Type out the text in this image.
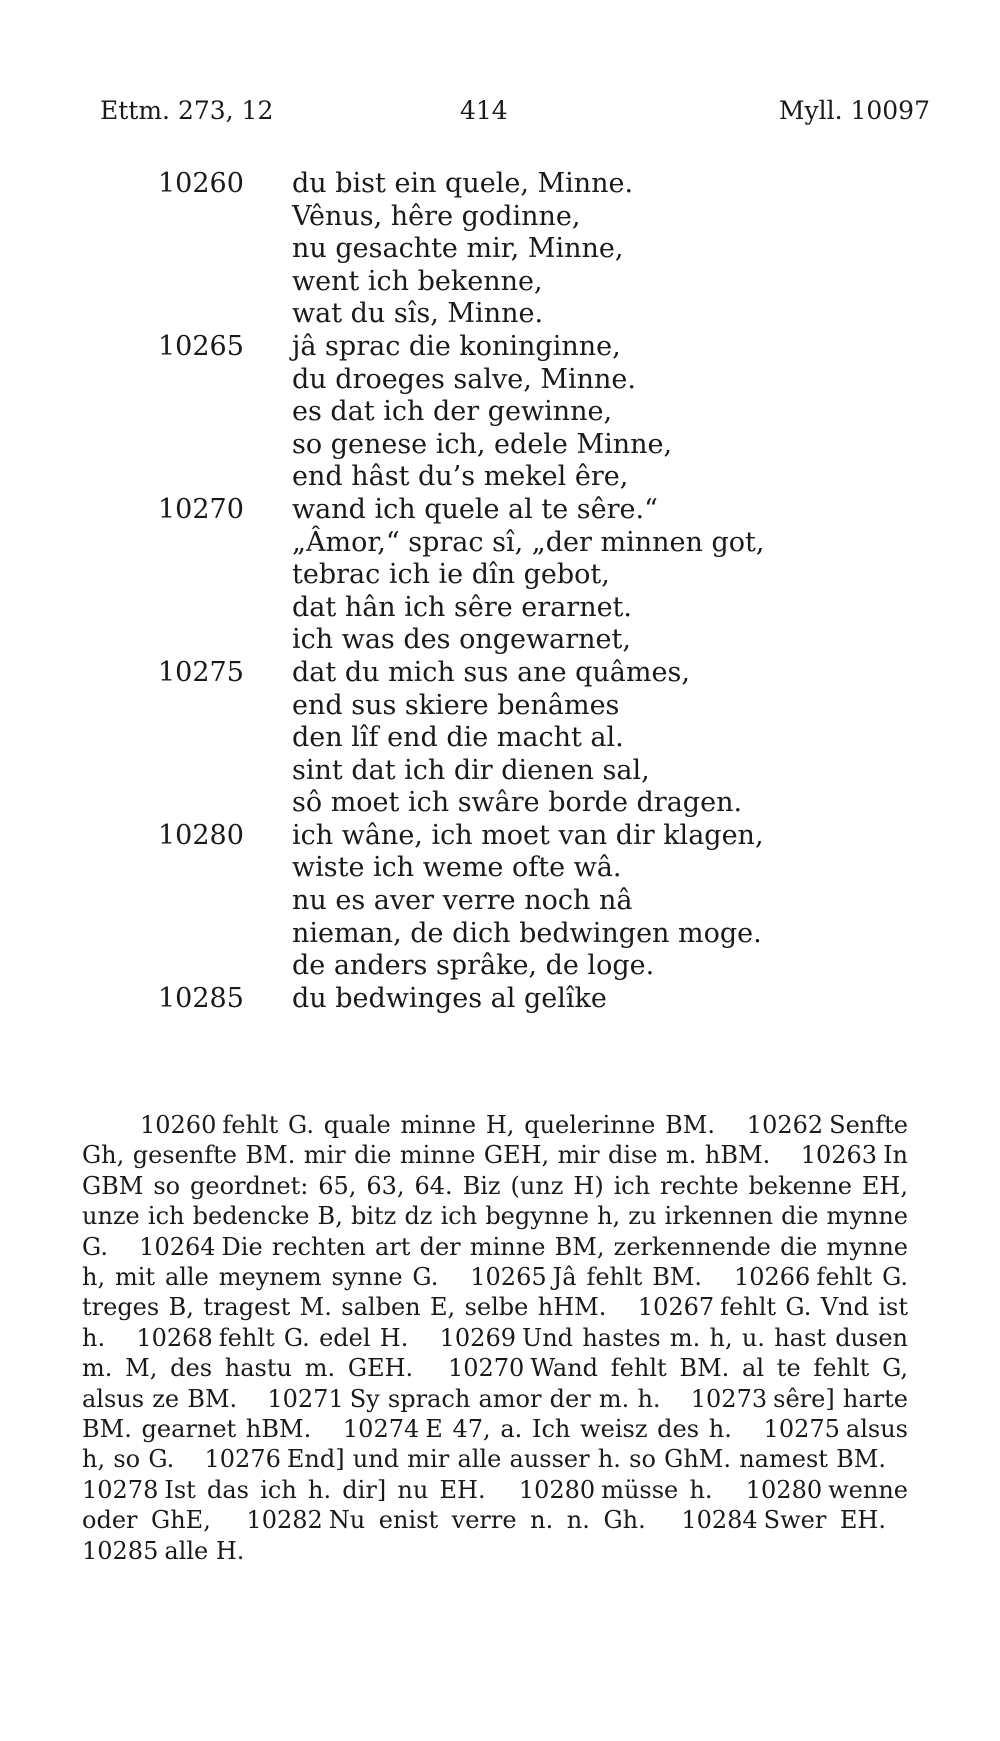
Ettm. 273, 12	414	Myll. 10097
10260	du bist ein quele, Minne.
Vênus, hêre godinne,
nu gesachte mir, Minne,
went ich bekenne,
wat du sîs, Minne.
10265	jâ sprac die koninginne,
du droeges salve, Minne.
es dat ich der gewinne,
so genese ich, edele Minne,
end hâst du’s mekel êre,
10270	wand ich quele al te sêre.“
„Âmor,“ sprac sî, „der minnen got,
tebrac ich ie dîn gebot,
dat hân ich sêre erarnet.
ich was des ongewarnet,
10275	dat du mich sus ane quâmes,
end sus skiere benâmes
den lîf end die macht al.
sint dat ich dir dienen sal,
sô moet ich swâre borde dragen.
10280	ich wâne, ich moet van dir klagen,
wiste ich weme ofte wâ.
nu es aver verre noch nâ
nieman, de dich bedwingen moge.
de anders sprâke, de loge.
10285	du bedwinges al gelîke

10260 fehlt G. quale minne H, quelerinne BM. 10262 Senfte Gh, gesenfte BM. mir die minne GEH, mir dise m. hBM. 10263 In GBM so geordnet: 65, 63, 64. Biz (unz H) ich rechte bekenne EH, unze ich bedencke B, bitz dz ich begynne h, zu irkennen die mynne G. 10264 Die rechten art der minne BM, zerkennende die mynne h, mit alle meynem synne G. 10265 Jâ fehlt BM. 10266 fehlt G. treges B, tragest M. salben E, selbe hHM. 10267 fehlt G. Vnd ist h. 10268 fehlt G. edel H. 10269 Und hastes m. h, u. hast dusen m. M, des hastu m. GEH. 10270 Wand fehlt BM. al te fehlt G, alsus ze BM. 10271 Sy sprach amor der m. h. 10273 sêre] harte BM. gearnet hBM. 10274 E 47, a. Ich weisz des h. 10275 alsus h, so G. 10276 End] und mir alle ausser h. so GhM. namest BM. 10278 Ist das ich h. dir] nu EH. 10280 müsse h. 10280 wenne oder GhE, 10282 Nu enist verre n. n. Gh. 10284 Swer EH. 10285 alle H.
